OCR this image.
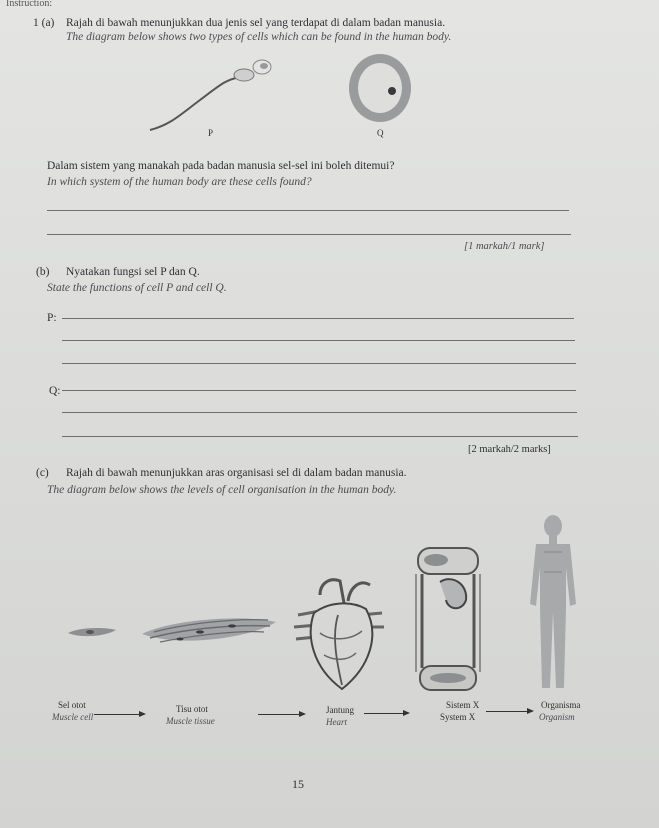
Instruction:
1 (a) Rajah di bawah menunjukkan dua jenis sel yang terdapat di dalam badan manusia.
The diagram below shows two types of cells which can be found in the human body.
P	Q
Dalam sistem yang manakah pada badan manusia sel-sel ini boleh ditemui?
In which system of the human body are these cells found?
[1 markah/1 mark]
(b) Nyatakan fungsi sel P dan Q.
State the functions of cell P and cell Q.
P:
Q:
[2 markah/2 marks]
(c) Rajah di bawah menunjukkan aras organisasi sel di dalam badan manusia.
The diagram below shows the levels of cell organisation in the human body.
Sel otot
Muscle cell
Tisu otot
Muscle tissue
Jantung
Heart
Sistem X
System X
Organisma
Organism
15
